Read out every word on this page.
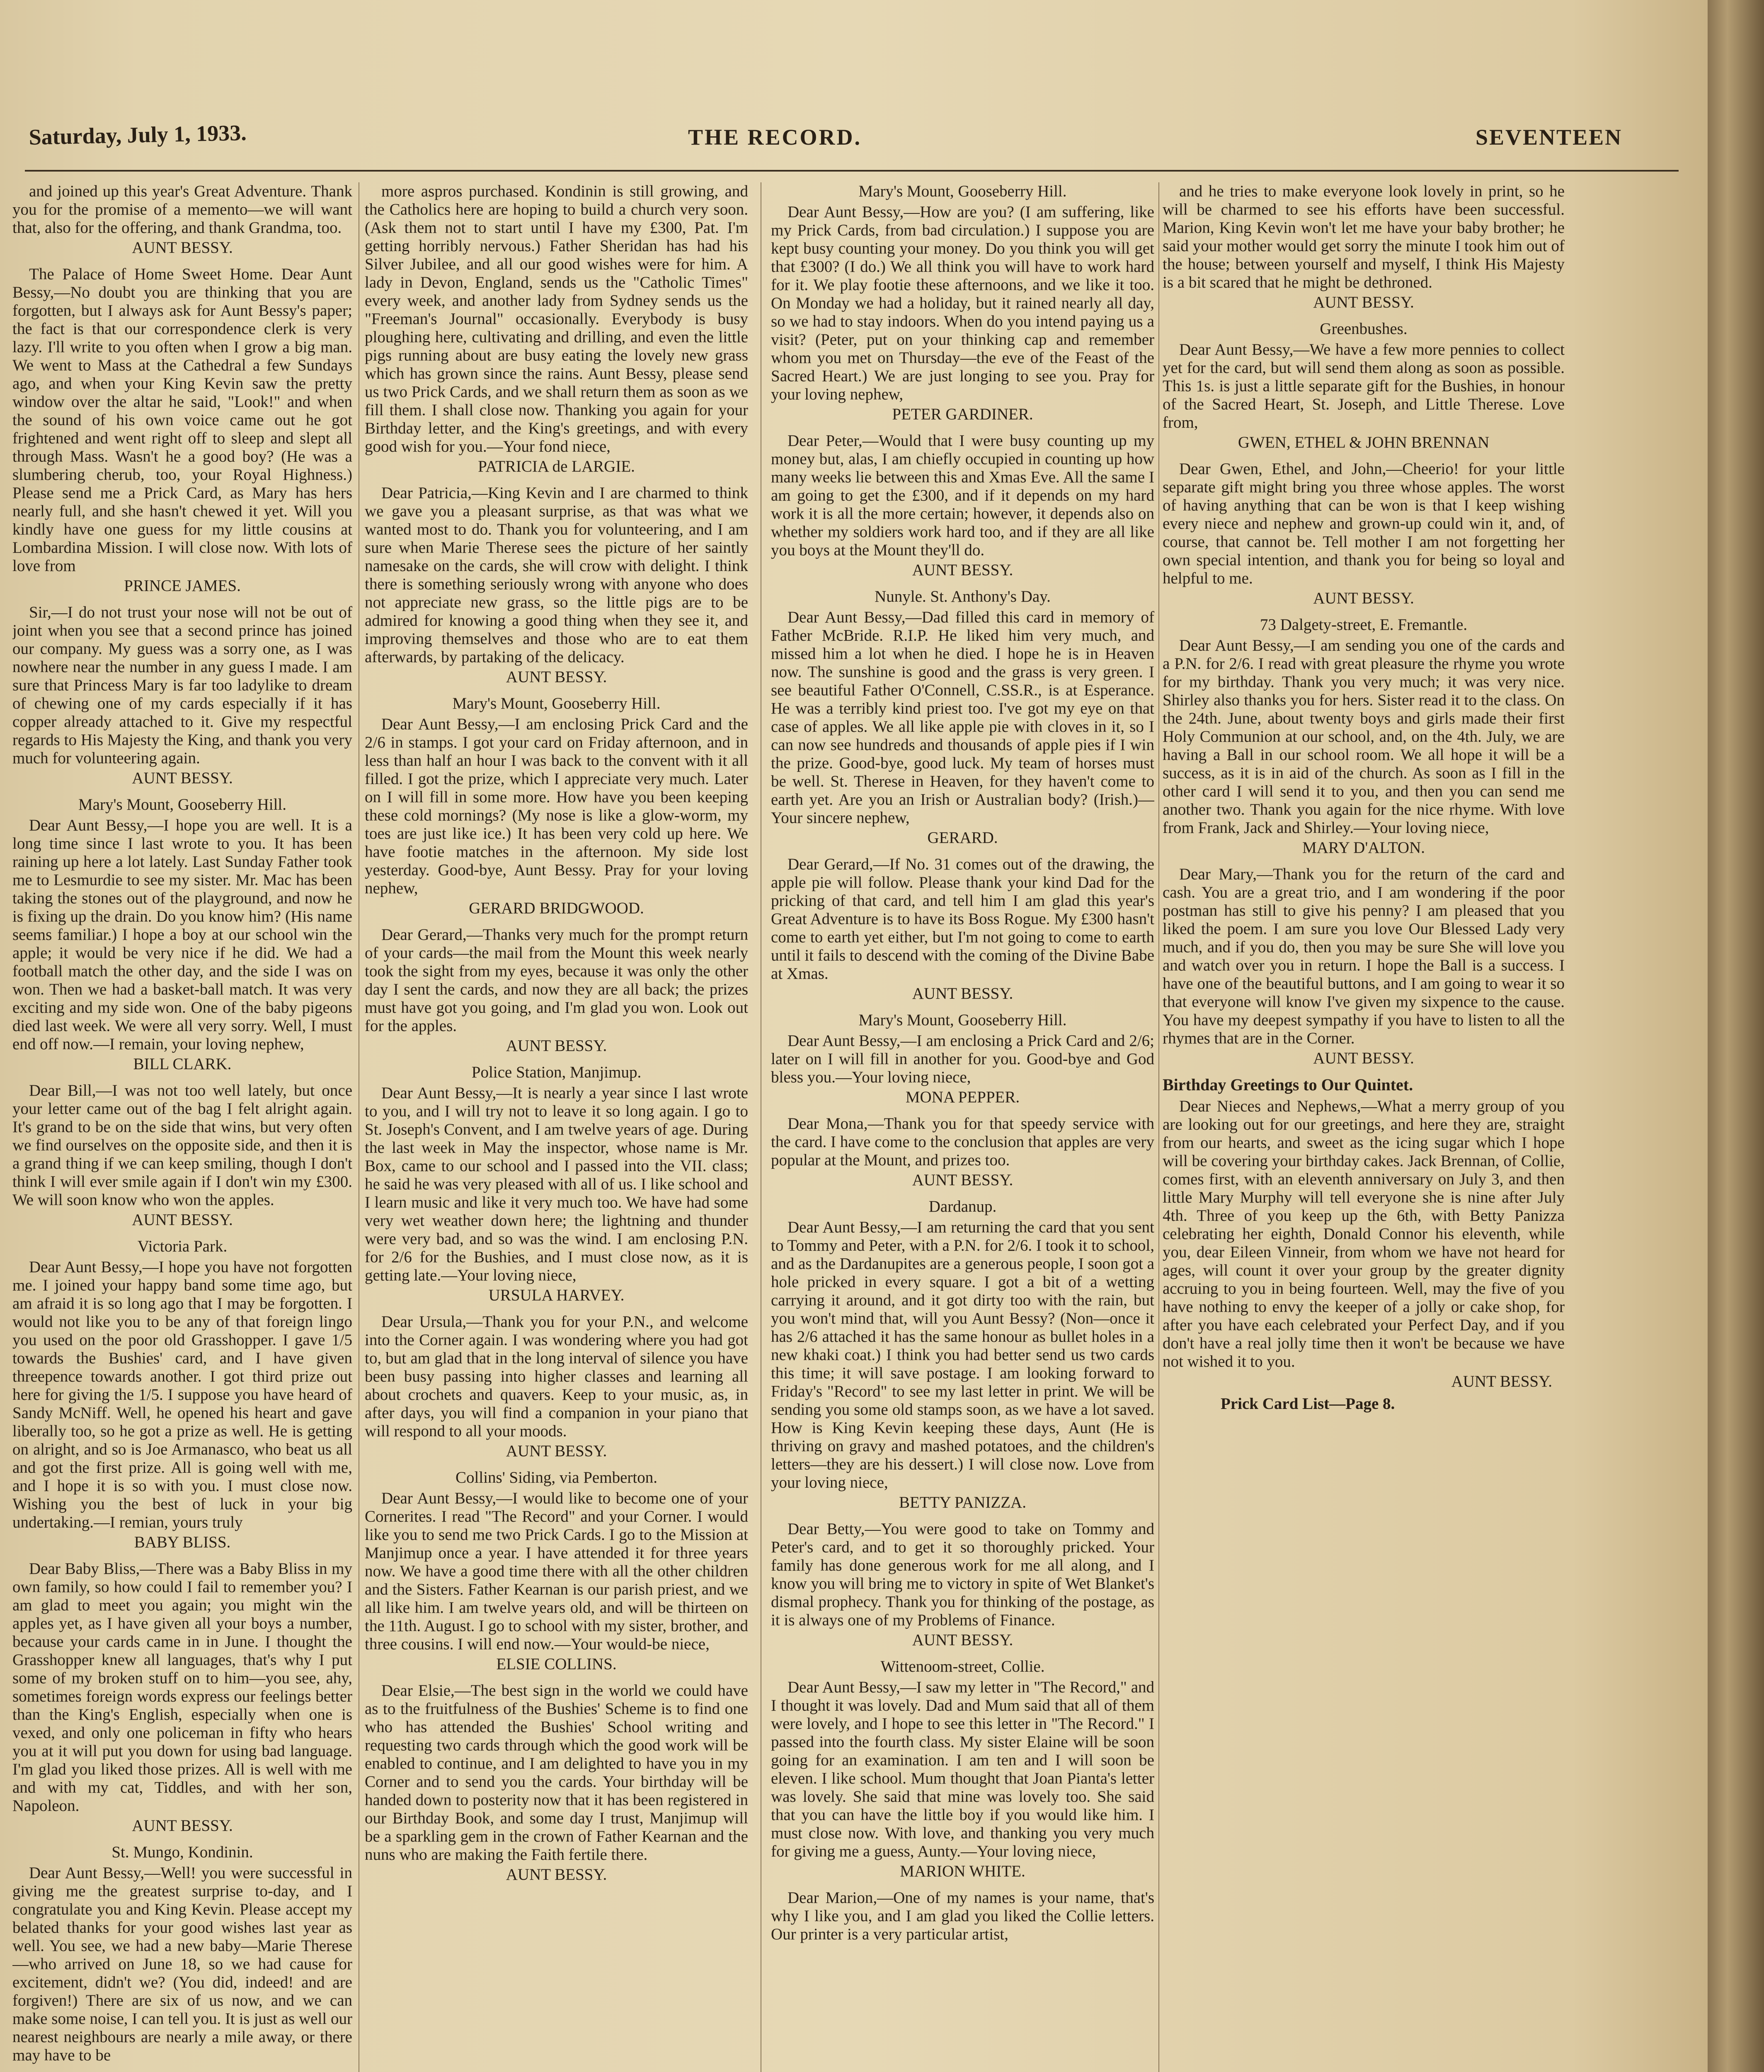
Saturday, July 1, 1933.	THE RECORD.	SEVENTEEN

and joined up this year's Great Adventure. Thank you for the promise of a memento—we will want that, also for the offering, and thank Grandma, too.

AUNT BESSY.

The Palace of Home Sweet Home. Dear Aunt Bessy,—No doubt you are thinking that you are forgotten, but I always ask for Aunt Bessy's paper; the fact is that our correspondence clerk is very lazy. I'll write to you often when I grow a big man. We went to Mass at the Cathedral a few Sundays ago, and when your King Kevin saw the pretty window over the altar he said, "Look!" and when the sound of his own voice came out he got frightened and went right off to sleep and slept all through Mass. Wasn't he a good boy? (He was a slumbering cherub, too, your Royal Highness.) Please send me a Prick Card, as Mary has hers nearly full, and she hasn't chewed it yet. Will you kindly have one guess for my little cousins at Lombardina Mission. I will close now. With lots of love from

PRINCE JAMES.

Sir,—I do not trust your nose will not be out of joint when you see that a second prince has joined our company. My guess was a sorry one, as I was nowhere near the number in any guess I made. I am sure that Princess Mary is far too ladylike to dream of chewing one of my cards especially if it has copper already attached to it. Give my respectful regards to His Majesty the King, and thank you very much for volunteering again.

AUNT BESSY.
Mary's Mount, Gooseberry Hill.

Dear Aunt Bessy,—I hope you are well. It is a long time since I last wrote to you. It has been raining up here a lot lately. Last Sunday Father took me to Lesmurdie to see my sister. Mr. Mac has been taking the stones out of the playground, and now he is fixing up the drain. Do you know him? (His name seems familiar.) I hope a boy at our school win the apple; it would be very nice if he did. We had a football match the other day, and the side I was on won. Then we had a basket-ball match. It was very exciting and my side won. One of the baby pigeons died last week. We were all very sorry. Well, I must end off now.—I remain, your loving nephew,

BILL CLARK.

Dear Bill,—I was not too well lately, but once your letter came out of the bag I felt alright again. It's grand to be on the side that wins, but very often we find ourselves on the opposite side, and then it is a grand thing if we can keep smiling, though I don't think I will ever smile again if I don't win my £300. We will soon know who won the apples.

AUNT BESSY.
Victoria Park.

Dear Aunt Bessy,—I hope you have not forgotten me. I joined your happy band some time ago, but am afraid it is so long ago that I may be forgotten. I would not like you to be any of that foreign lingo you used on the poor old Grasshopper. I gave 1/5 towards the Bushies' card, and I have given threepence towards another. I got third prize out here for giving the 1/5. I suppose you have heard of Sandy McNiff. Well, he opened his heart and gave liberally too, so he got a prize as well. He is getting on alright, and so is Joe Armanasco, who beat us all and got the first prize. All is going well with me, and I hope it is so with you. I must close now. Wishing you the best of luck in your big undertaking.—I remian, yours truly

BABY BLISS.

Dear Baby Bliss,—There was a Baby Bliss in my own family, so how could I fail to remember you? I am glad to meet you again; you might win the apples yet, as I have given all your boys a number, because your cards came in in June. I thought the Grasshopper knew all languages, that's why I put some of my broken stuff on to him—you see, ahy, sometimes foreign words express our feelings better than the King's English, especially when one is vexed, and only one policeman in fifty who hears you at it will put you down for using bad language. I'm glad you liked those prizes. All is well with me and with my cat, Tiddles, and with her son, Napoleon.

AUNT BESSY.
St. Mungo, Kondinin.

Dear Aunt Bessy,—Well! you were successful in giving me the greatest surprise to-day, and I congratulate you and King Kevin. Please accept my belated thanks for your good wishes last year as well. You see, we had a new baby—Marie Therese—who arrived on June 18, so we had cause for excitement, didn't we? (You did, indeed! and are forgiven!) There are six of us now, and we can make some noise, I can tell you. It is just as well our nearest neighbours are nearly a mile away, or there may have to be

more aspros purchased. Kondinin is still growing, and the Catholics here are hoping to build a church very soon. (Ask them not to start until I have my £300, Pat. I'm getting horribly nervous.) Father Sheridan has had his Silver Jubilee, and all our good wishes were for him. A lady in Devon, England, sends us the "Catholic Times" every week, and another lady from Sydney sends us the "Freeman's Journal" occasionally. Everybody is busy ploughing here, cultivating and drilling, and even the little pigs running about are busy eating the lovely new grass which has grown since the rains. Aunt Bessy, please send us two Prick Cards, and we shall return them as soon as we fill them. I shall close now. Thanking you again for your Birthday letter, and the King's greetings, and with every good wish for you.—Your fond niece,

PATRICIA de LARGIE.

Dear Patricia,—King Kevin and I are charmed to think we gave you a pleasant surprise, as that was what we wanted most to do. Thank you for volunteering, and I am sure when Marie Therese sees the picture of her saintly namesake on the cards, she will crow with delight. I think there is something seriously wrong with anyone who does not appreciate new grass, so the little pigs are to be admired for knowing a good thing when they see it, and improving themselves and those who are to eat them afterwards, by partaking of the delicacy.

AUNT BESSY.
Mary's Mount, Gooseberry Hill.

Dear Aunt Bessy,—I am enclosing Prick Card and the 2/6 in stamps. I got your card on Friday afternoon, and in less than half an hour I was back to the convent with it all filled. I got the prize, which I appreciate very much. Later on I will fill in some more. How have you been keeping these cold mornings? (My nose is like a glow-worm, my toes are just like ice.) It has been very cold up here. We have footie matches in the afternoon. My side lost yesterday. Good-bye, Aunt Bessy. Pray for your loving nephew,

GERARD BRIDGWOOD.

Dear Gerard,—Thanks very much for the prompt return of your cards—the mail from the Mount this week nearly took the sight from my eyes, because it was only the other day I sent the cards, and now they are all back; the prizes must have got you going, and I'm glad you won. Look out for the apples.

AUNT BESSY.
Police Station, Manjimup.

Dear Aunt Bessy,—It is nearly a year since I last wrote to you, and I will try not to leave it so long again. I go to St. Joseph's Convent, and I am twelve years of age. During the last week in May the inspector, whose name is Mr. Box, came to our school and I passed into the VII. class; he said he was very pleased with all of us. I like school and I learn music and like it very much too. We have had some very wet weather down here; the lightning and thunder were very bad, and so was the wind. I am enclosing P.N. for 2/6 for the Bushies, and I must close now, as it is getting late.—Your loving niece,

URSULA HARVEY.

Dear Ursula,—Thank you for your P.N., and welcome into the Corner again. I was wondering where you had got to, but am glad that in the long interval of silence you have been busy passing into higher classes and learning all about crochets and quavers. Keep to your music, as, in after days, you will find a companion in your piano that will respond to all your moods.

AUNT BESSY.
Collins' Siding, via Pemberton.

Dear Aunt Bessy,—I would like to become one of your Cornerites. I read "The Record" and your Corner. I would like you to send me two Prick Cards. I go to the Mission at Manjimup once a year. I have attended it for three years now. We have a good time there with all the other children and the Sisters. Father Kearnan is our parish priest, and we all like him. I am twelve years old, and will be thirteen on the 11th. August. I go to school with my sister, brother, and three cousins. I will end now.—Your would-be niece,

ELSIE COLLINS.

Dear Elsie,—The best sign in the world we could have as to the fruitfulness of the Bushies' Scheme is to find one who has attended the Bushies' School writing and requesting two cards through which the good work will be enabled to continue, and I am delighted to have you in my Corner and to send you the cards. Your birthday will be handed down to posterity now that it has been registered in our Birthday Book, and some day I trust, Manjimup will be a sparkling gem in the crown of Father Kearnan and the nuns who are making the Faith fertile there.

AUNT BESSY.
Mary's Mount, Gooseberry Hill.

Dear Aunt Bessy,—How are you? (I am suffering, like my Prick Cards, from bad circulation.) I suppose you are kept busy counting your money. Do you think you will get that £300? (I do.) We all think you will have to work hard for it. We play footie these afternoons, and we like it too. On Monday we had a holiday, but it rained nearly all day, so we had to stay indoors. When do you intend paying us a visit? (Peter, put on your thinking cap and remember whom you met on Thursday—the eve of the Feast of the Sacred Heart.) We are just longing to see you. Pray for your loving nephew,

PETER GARDINER.

Dear Peter,—Would that I were busy counting up my money but, alas, I am chiefly occupied in counting up how many weeks lie between this and Xmas Eve. All the same I am going to get the £300, and if it depends on my hard work it is all the more certain; however, it depends also on whether my soldiers work hard too, and if they are all like you boys at the Mount they'll do.

AUNT BESSY.
Nunyle. St. Anthony's Day.

Dear Aunt Bessy,—Dad filled this card in memory of Father McBride. R.I.P. He liked him very much, and missed him a lot when he died. I hope he is in Heaven now. The sunshine is good and the grass is very green. I see beautiful Father O'Connell, C.SS.R., is at Esperance. He was a terribly kind priest too. I've got my eye on that case of apples. We all like apple pie with cloves in it, so I can now see hundreds and thousands of apple pies if I win the prize. Good-bye, good luck. My team of horses must be well. St. Therese in Heaven, for they haven't come to earth yet. Are you an Irish or Australian body? (Irish.)—Your sincere nephew,

GERARD.

Dear Gerard,—If No. 31 comes out of the drawing, the apple pie will follow. Please thank your kind Dad for the pricking of that card, and tell him I am glad this year's Great Adventure is to have its Boss Rogue. My £300 hasn't come to earth yet either, but I'm not going to come to earth until it fails to descend with the coming of the Divine Babe at Xmas.

AUNT BESSY.
Mary's Mount, Gooseberry Hill.

Dear Aunt Bessy,—I am enclosing a Prick Card and 2/6; later on I will fill in another for you. Good-bye and God bless you.—Your loving niece,

MONA PEPPER.

Dear Mona,—Thank you for that speedy service with the card. I have come to the conclusion that apples are very popular at the Mount, and prizes too.

AUNT BESSY.
Dardanup.

Dear Aunt Bessy,—I am returning the card that you sent to Tommy and Peter, with a P.N. for 2/6. I took it to school, and as the Dardanupites are a generous people, I soon got a hole pricked in every square. I got a bit of a wetting carrying it around, and it got dirty too with the rain, but you won't mind that, will you Aunt Bessy? (Non—once it has 2/6 attached it has the same honour as bullet holes in a new khaki coat.) I think you had better send us two cards this time; it will save postage. I am looking forward to Friday's "Record" to see my last letter in print. We will be sending you some old stamps soon, as we have a lot saved. How is King Kevin keeping these days, Aunt (He is thriving on gravy and mashed potatoes, and the children's letters—they are his dessert.) I will close now. Love from your loving niece,

BETTY PANIZZA.

Dear Betty,—You were good to take on Tommy and Peter's card, and to get it so thoroughly pricked. Your family has done generous work for me all along, and I know you will bring me to victory in spite of Wet Blanket's dismal prophecy. Thank you for thinking of the postage, as it is always one of my Problems of Finance.

AUNT BESSY.
Wittenoom-street, Collie.

Dear Aunt Bessy,—I saw my letter in "The Record," and I thought it was lovely. Dad and Mum said that all of them were lovely, and I hope to see this letter in "The Record." I passed into the fourth class. My sister Elaine will be soon going for an examination. I am ten and I will soon be eleven. I like school. Mum thought that Joan Pianta's letter was lovely. She said that mine was lovely too. She said that you can have the little boy if you would like him. I must close now. With love, and thanking you very much for giving me a guess, Aunty.—Your loving niece,

MARION WHITE.

Dear Marion,—One of my names is your name, that's why I like you, and I am glad you liked the Collie letters. Our printer is a very particular artist,

and he tries to make everyone look lovely in print, so he will be charmed to see his efforts have been successful. Marion, King Kevin won't let me have your baby brother; he said your mother would get sorry the minute I took him out of the house; between yourself and myself, I think His Majesty is a bit scared that he might be dethroned.

AUNT BESSY.
Greenbushes.

Dear Aunt Bessy,—We have a few more pennies to collect yet for the card, but will send them along as soon as possible. This 1s. is just a little separate gift for the Bushies, in honour of the Sacred Heart, St. Joseph, and Little Therese. Love from,

GWEN, ETHEL & JOHN BRENNAN

Dear Gwen, Ethel, and John,—Cheerio! for your little separate gift might bring you three whose apples. The worst of having anything that can be won is that I keep wishing every niece and nephew and grown-up could win it, and, of course, that cannot be. Tell mother I am not forgetting her own special intention, and thank you for being so loyal and helpful to me.

AUNT BESSY.
73 Dalgety-street, E. Fremantle.

Dear Aunt Bessy,—I am sending you one of the cards and a P.N. for 2/6. I read with great pleasure the rhyme you wrote for my birthday. Thank you very much; it was very nice. Shirley also thanks you for hers. Sister read it to the class. On the 24th. June, about twenty boys and girls made their first Holy Communion at our school, and, on the 4th. July, we are having a Ball in our school room. We all hope it will be a success, as it is in aid of the church. As soon as I fill in the other card I will send it to you, and then you can send me another two. Thank you again for the nice rhyme. With love from Frank, Jack and Shirley.—Your loving niece,

MARY D'ALTON.

Dear Mary,—Thank you for the return of the card and cash. You are a great trio, and I am wondering if the poor postman has still to give his penny? I am pleased that you liked the poem. I am sure you love Our Blessed Lady very much, and if you do, then you may be sure She will love you and watch over you in return. I hope the Ball is a success. I have one of the beautiful buttons, and I am going to wear it so that everyone will know I've given my sixpence to the cause. You have my deepest sympathy if you have to listen to all the rhymes that are in the Corner.

AUNT BESSY.
Birthday Greetings to Our Quintet.

Dear Nieces and Nephews,—What a merry group of you are looking out for our greetings, and here they are, straight from our hearts, and sweet as the icing sugar which I hope will be covering your birthday cakes. Jack Brennan, of Collie, comes first, with an eleventh anniversary on July 3, and then little Mary Murphy will tell everyone she is nine after July 4th. Three of you keep up the 6th, with Betty Panizza celebrating her eighth, Donald Connor his eleventh, while you, dear Eileen Vinneir, from whom we have not heard for ages, will count it over your group by the greater dignity accruing to you in being fourteen. Well, may the five of you have nothing to envy the keeper of a jolly or cake shop, for after you have each celebrated your Perfect Day, and if you don't have a real jolly time then it won't be because we have not wished it to you.

AUNT BESSY.
Prick Card List—Page 8.
